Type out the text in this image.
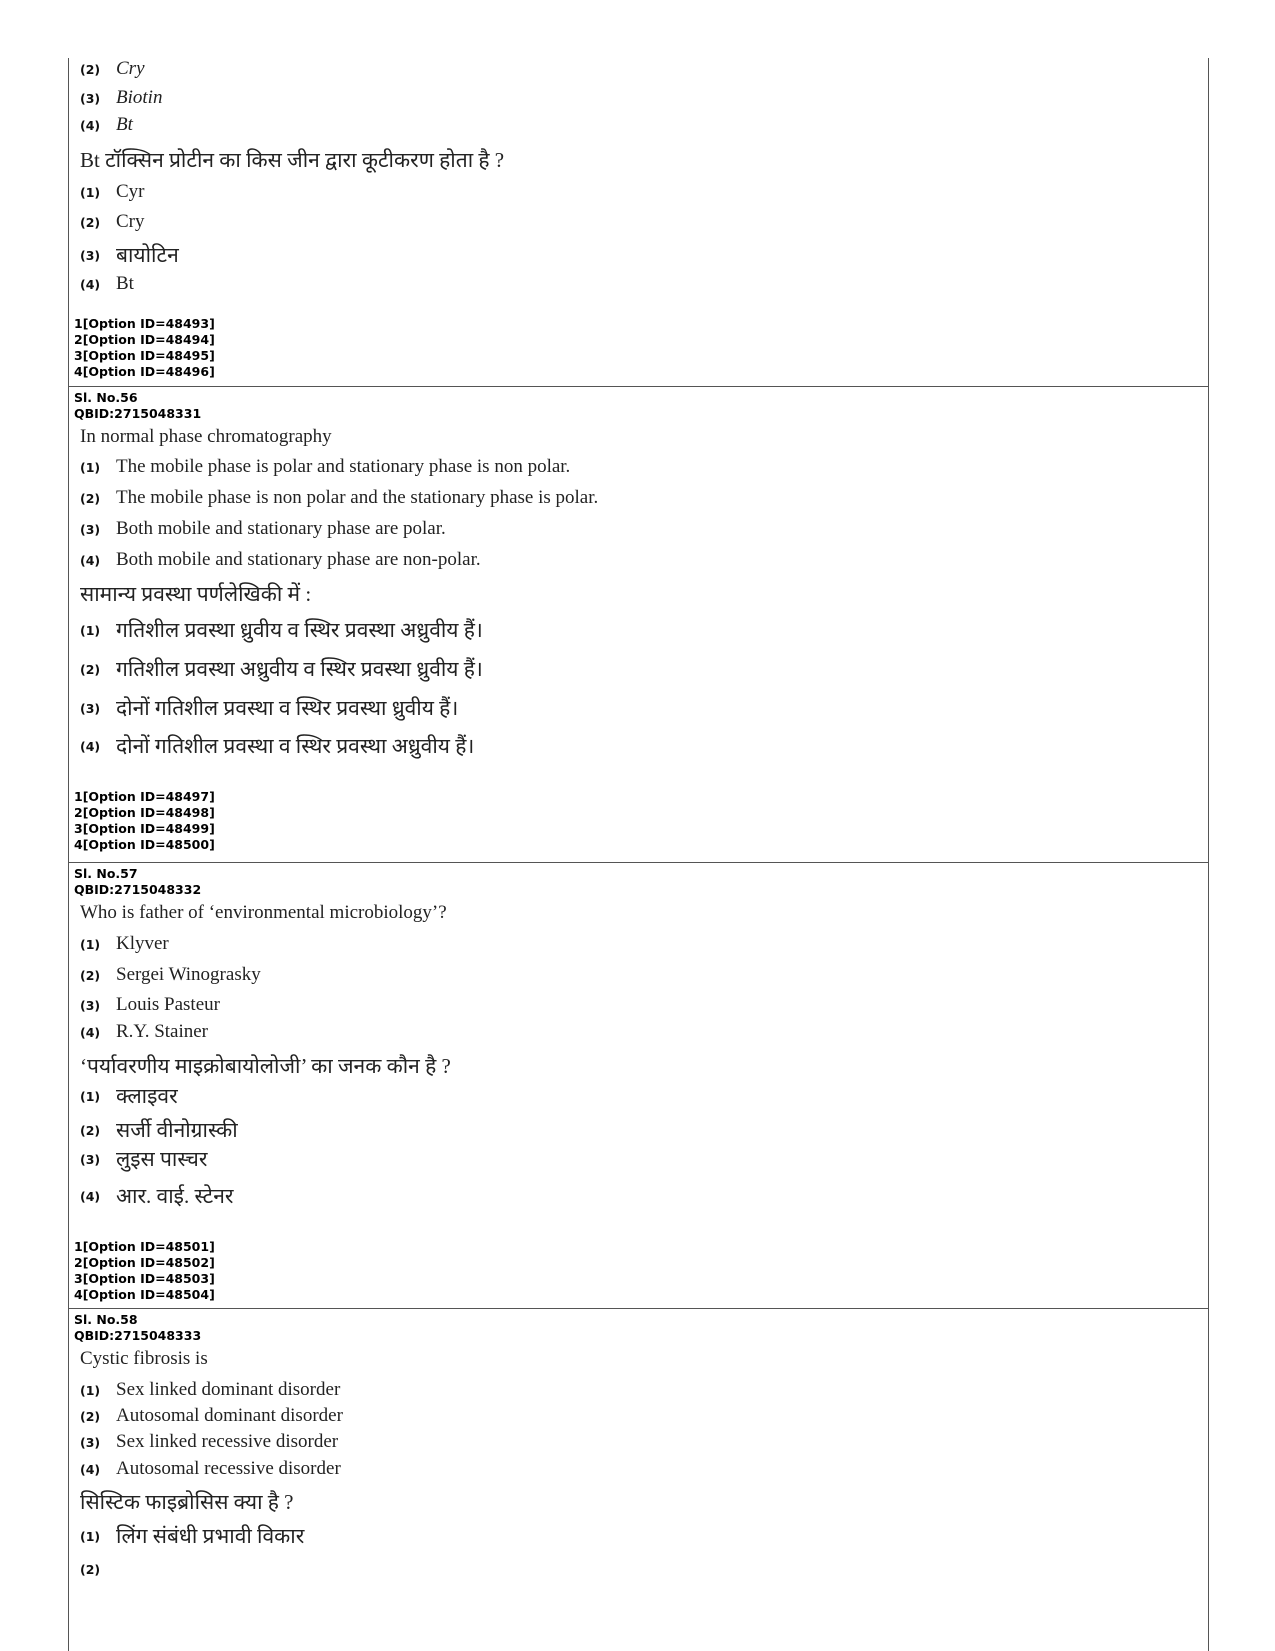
(2) Cry
(3) Biotin
(4) Bt
Bt टॉक्सिन प्रोटीन का किस जीन द्वारा कूटीकरण होता है ?
(1) Cyr
(2) Cry
(3) बायोटिन
(4) Bt
1[Option ID=48493]
2[Option ID=48494]
3[Option ID=48495]
4[Option ID=48496]
Sl. No.56
QBID:2715048331
In normal phase chromatography
(1) The mobile phase is polar and stationary phase is non polar.
(2) The mobile phase is non polar and the stationary phase is polar.
(3) Both mobile and stationary phase are polar.
(4) Both mobile and stationary phase are non-polar.
सामान्य प्रवस्था पर्णलेखिकी में :
(1) गतिशील प्रवस्था ध्रुवीय व स्थिर प्रवस्था अध्रुवीय हैं।
(2) गतिशील प्रवस्था अध्रुवीय व स्थिर प्रवस्था ध्रुवीय हैं।
(3) दोनों गतिशील प्रवस्था व स्थिर प्रवस्था ध्रुवीय हैं।
(4) दोनों गतिशील प्रवस्था व स्थिर प्रवस्था अध्रुवीय हैं।
1[Option ID=48497]
2[Option ID=48498]
3[Option ID=48499]
4[Option ID=48500]
Sl. No.57
QBID:2715048332
Who is father of ‘environmental microbiology’?
(1) Klyver
(2) Sergei Winograsky
(3) Louis Pasteur
(4) R.Y. Stainer
‘पर्यावरणीय माइक्रोबायोलोजी’ का जनक कौन है ?
(1) क्लाइवर
(2) सर्जी वीनोग्रास्की
(3) लुइस पास्चर
(4) आर. वाई. स्टेनर
1[Option ID=48501]
2[Option ID=48502]
3[Option ID=48503]
4[Option ID=48504]
Sl. No.58
QBID:2715048333
Cystic fibrosis is
(1) Sex linked dominant disorder
(2) Autosomal dominant disorder
(3) Sex linked recessive disorder
(4) Autosomal recessive disorder
सिस्टिक फाइब्रोसिस क्या है ?
(1) लिंग संबंधी प्रभावी विकार
(2)
